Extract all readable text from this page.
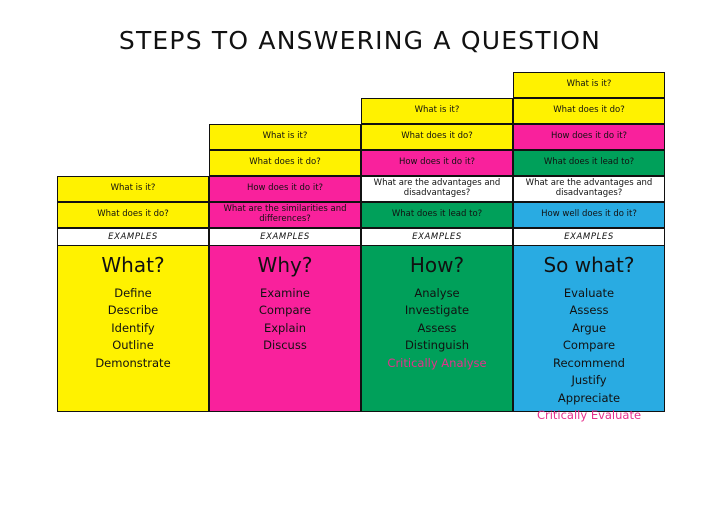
STEPS TO ANSWERING A QUESTION
What is it?
What does it do?
EXAMPLES
What?
Define
Describe
Identify
Outline
Demonstrate
What is it?
What does it do?
How does it do it?
What are the similarities and differences?
EXAMPLES
Why?
Examine
Compare
Explain
Discuss
What is it?
What does it do?
How does it do it?
What are the advantages and disadvantages?
What does it lead to?
EXAMPLES
How?
Analyse
Investigate
Assess
Distinguish
Critically Analyse
What is it?
What does it do?
How does it do it?
What does it lead to?
What are the advantages and disadvantages?
How well does it do it?
EXAMPLES
So what?
Evaluate
Assess
Argue
Compare
Recommend
Justify
Appreciate
Critically Evaluate
